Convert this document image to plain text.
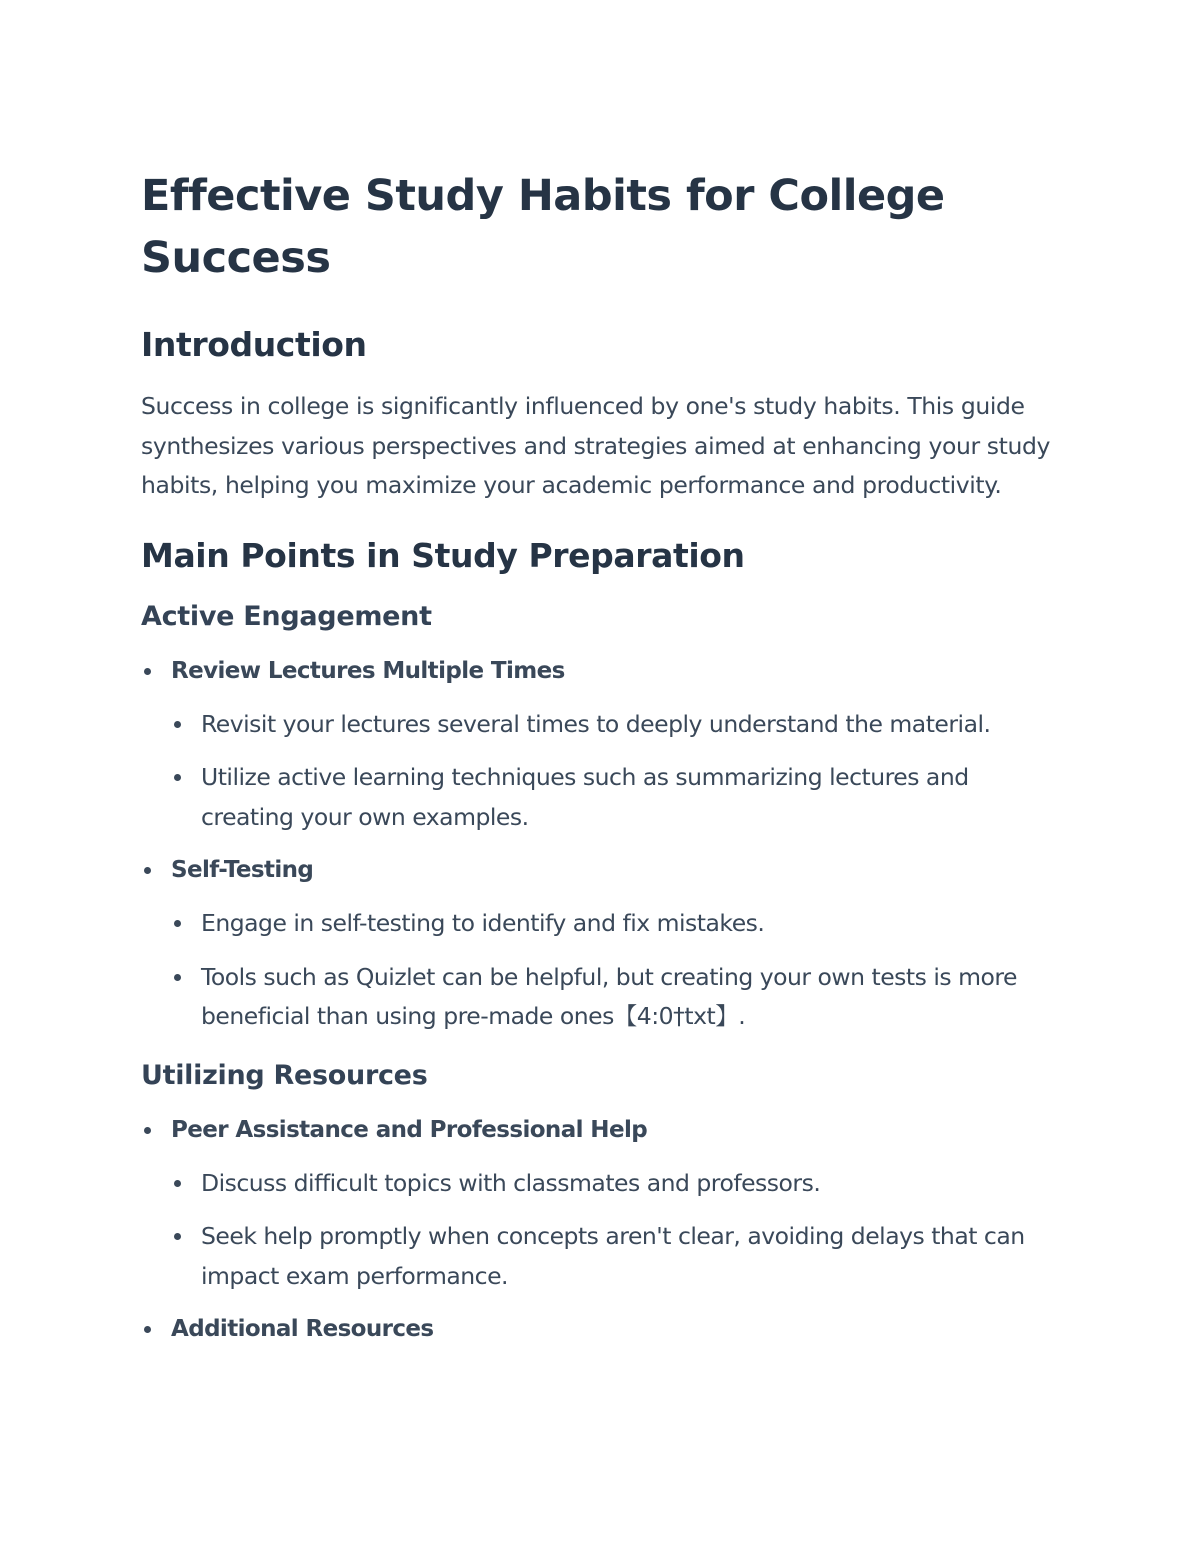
Effective Study Habits for College Success
Introduction

Success in college is significantly influenced by one's study habits. This guide synthesizes various perspectives and strategies aimed at enhancing your study habits, helping you maximize your academic performance and productivity.

Main Points in Study Preparation
Active Engagement
Review Lectures Multiple Times
Revisit your lectures several times to deeply understand the material.
Utilize active learning techniques such as summarizing lectures and creating your own examples.
Self-Testing
Engage in self-testing to identify and fix mistakes.
Tools such as Quizlet can be helpful, but creating your own tests is more beneficial than using pre-made ones【4:0†txt】.
Utilizing Resources
Peer Assistance and Professional Help
Discuss difficult topics with classmates and professors.
Seek help promptly when concepts aren't clear, avoiding delays that can impact exam performance.
Additional Resources
